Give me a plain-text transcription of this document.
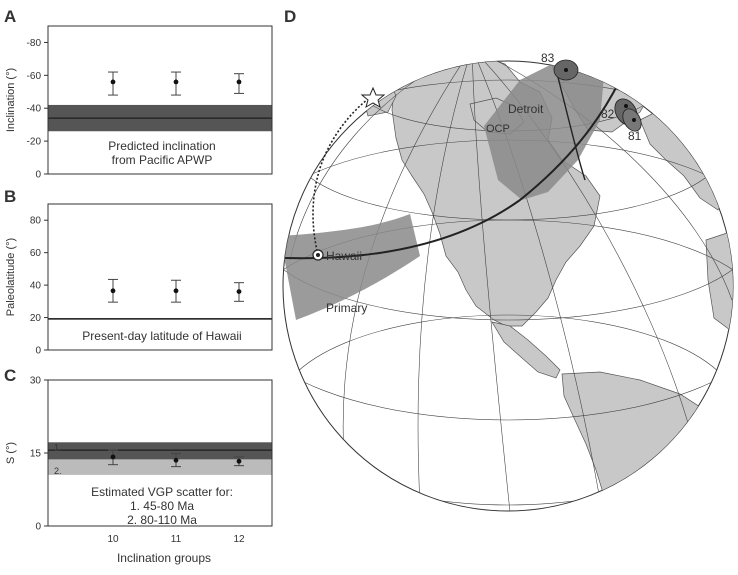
A
B
C
D
0
-20
-40
-60
-80
Inclination (°)
Predicted inclination
from Pacific APWP
0
20
40
60
80
Paleolatitude (°)
Present-day latitude of Hawaii
2.
1.
0
15
30
S (°)
10	11	12
Inclination groups
Estimated VGP scatter for:
1. 45-80 Ma
2. 80-110 Ma
Hawaii
Primary
Detroit
OCP
83
82
81
